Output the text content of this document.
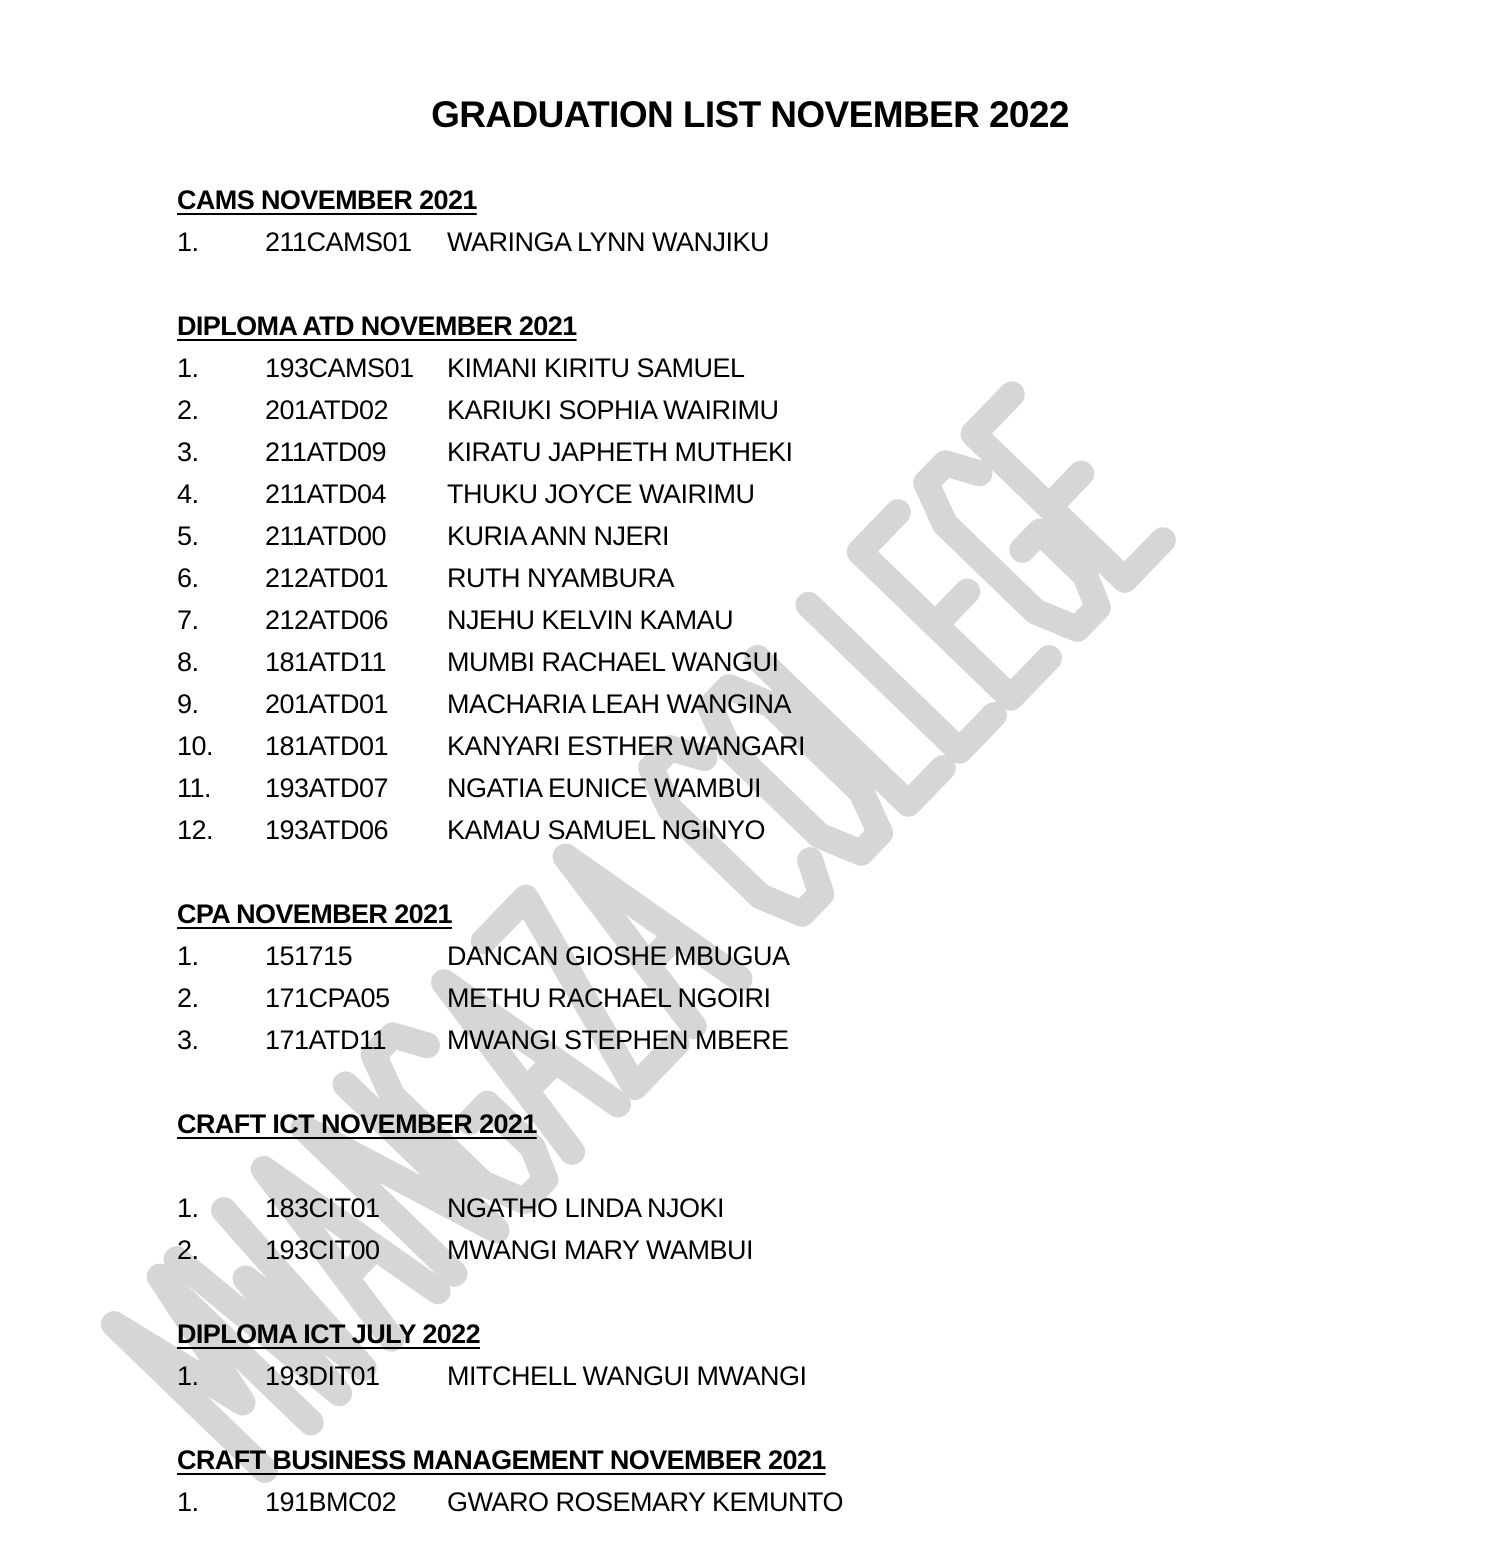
GRADUATION LIST NOVEMBER 2022
CAMS NOVEMBER 2021
1.	211CAMS01	WARINGA LYNN WANJIKU
DIPLOMA ATD NOVEMBER 2021
1.	193CAMS01	KIMANI KIRITU SAMUEL
2.	201ATD02	KARIUKI SOPHIA WAIRIMU
3.	211ATD09	KIRATU JAPHETH MUTHEKI
4.	211ATD04	THUKU JOYCE WAIRIMU
5.	211ATD00	KURIA ANN NJERI
6.	212ATD01	RUTH NYAMBURA
7.	212ATD06	NJEHU KELVIN KAMAU
8.	181ATD11	MUMBI RACHAEL WANGUI
9.	201ATD01	MACHARIA LEAH WANGINA
10.	181ATD01	KANYARI ESTHER WANGARI
11.	193ATD07	NGATIA EUNICE WAMBUI
12.	193ATD06	KAMAU SAMUEL NGINYO
CPA NOVEMBER 2021
1.	151715	DANCAN GIOSHE MBUGUA
2.	171CPA05	METHU RACHAEL NGOIRI
3.	171ATD11	MWANGI STEPHEN MBERE
CRAFT ICT NOVEMBER 2021
1.	183CIT01	NGATHO LINDA NJOKI
2.	193CIT00	MWANGI MARY WAMBUI
DIPLOMA ICT JULY 2022
1.	193DIT01	MITCHELL WANGUI MWANGI
CRAFT BUSINESS MANAGEMENT NOVEMBER 2021
1.	191BMC02	GWARO ROSEMARY KEMUNTO
